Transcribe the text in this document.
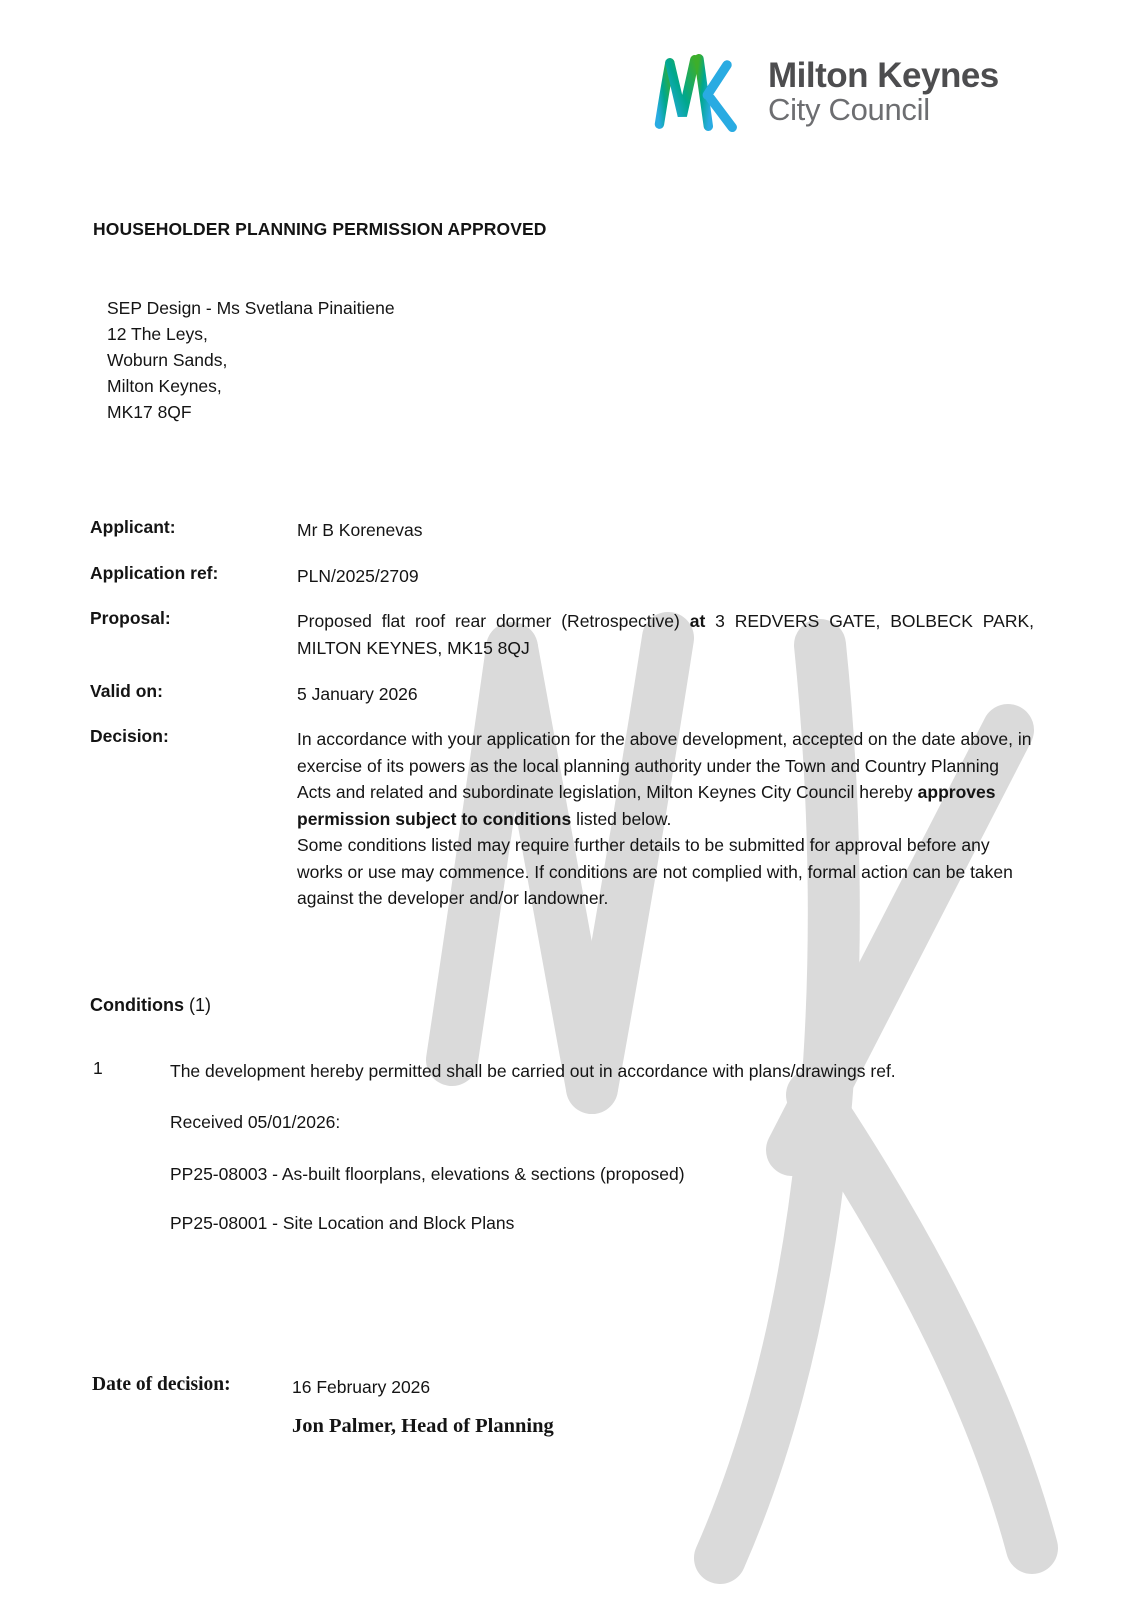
Milton Keynes
City Council
HOUSEHOLDER PLANNING PERMISSION APPROVED
SEP Design - Ms Svetlana Pinaitiene
12 The Leys,
Woburn Sands,
Milton Keynes,
MK17 8QF
Applicant:	Mr B Korenevas
Application ref:	PLN/2025/2709
Proposal:	Proposed flat roof rear dormer (Retrospective) at 3 REDVERS GATE, BOLBECK PARK, MILTON KEYNES, MK15 8QJ
Valid on:	5 January 2026
Decision:	In accordance with your application for the above development, accepted on the date above, in exercise of its powers as the local planning authority under the Town and Country Planning Acts and related and subordinate legislation, Milton Keynes City Council hereby approves permission subject to conditions listed below.

Some conditions listed may require further details to be submitted for approval before any works or use may commence. If conditions are not complied with, formal action can be taken against the developer and/or landowner.

Conditions (1)
1	The development hereby permitted shall be carried out in accordance with plans/drawings ref.
Received 05/01/2026:
PP25-08003 - As-built floorplans, elevations & sections (proposed)
PP25-08001 - Site Location and Block Plans
Date of decision:	16 February 2026
Jon Palmer, Head of Planning
